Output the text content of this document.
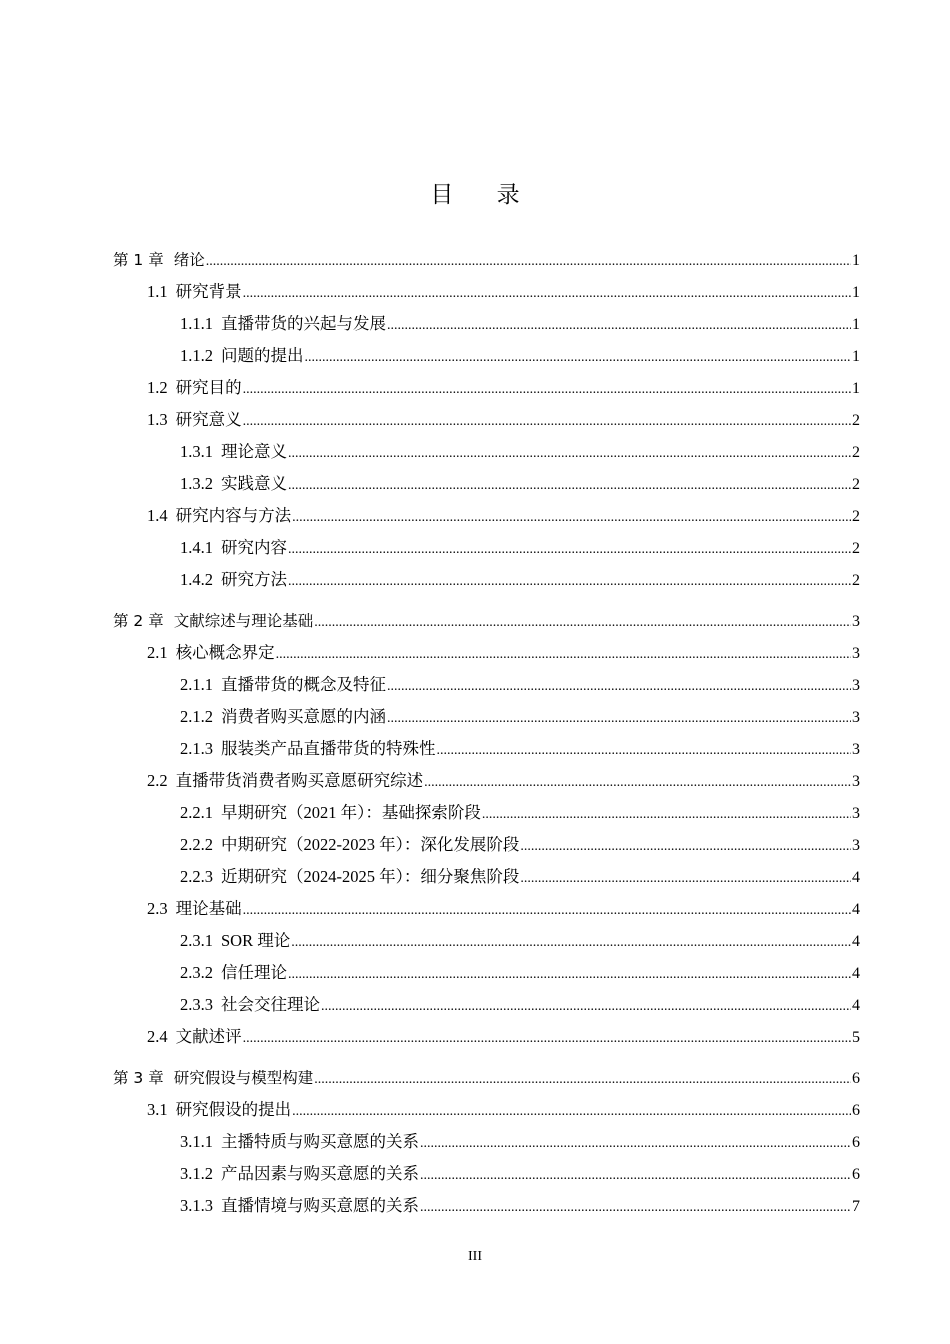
目 录
第 1 章 绪论 .....	1
1.1 研究背景 .....	1
1.1.1 直播带货的兴起与发展 .....	1
1.1.2 问题的提出 .....	1
1.2 研究目的 .....	1
1.3 研究意义 .....	2
1.3.1 理论意义 .....	2
1.3.2 实践意义 .....	2
1.4 研究内容与方法 .....	2
1.4.1 研究内容 .....	2
1.4.2 研究方法 .....	2
第 2 章 文献综述与理论基础 .....	3
2.1 核心概念界定 .....	3
2.1.1 直播带货的概念及特征 .....	3
2.1.2 消费者购买意愿的内涵 .....	3
2.1.3 服装类产品直播带货的特殊性 .....	3
2.2 直播带货消费者购买意愿研究综述 .....	3
2.2.1 早期研究（2021 年）：基础探索阶段 .....	3
2.2.2 中期研究（2022-2023 年）：深化发展阶段 .....	3
2.2.3 近期研究（2024-2025 年）：细分聚焦阶段 .....	4
2.3 理论基础 .....	4
2.3.1 SOR 理论 .....	4
2.3.2 信任理论 .....	4
2.3.3 社会交往理论 .....	4
2.4 文献述评 .....	5
第 3 章 研究假设与模型构建 .....	6
3.1 研究假设的提出 .....	6
3.1.1 主播特质与购买意愿的关系 .....	6
3.1.2 产品因素与购买意愿的关系 .....	6
3.1.3 直播情境与购买意愿的关系 .....	7
III
